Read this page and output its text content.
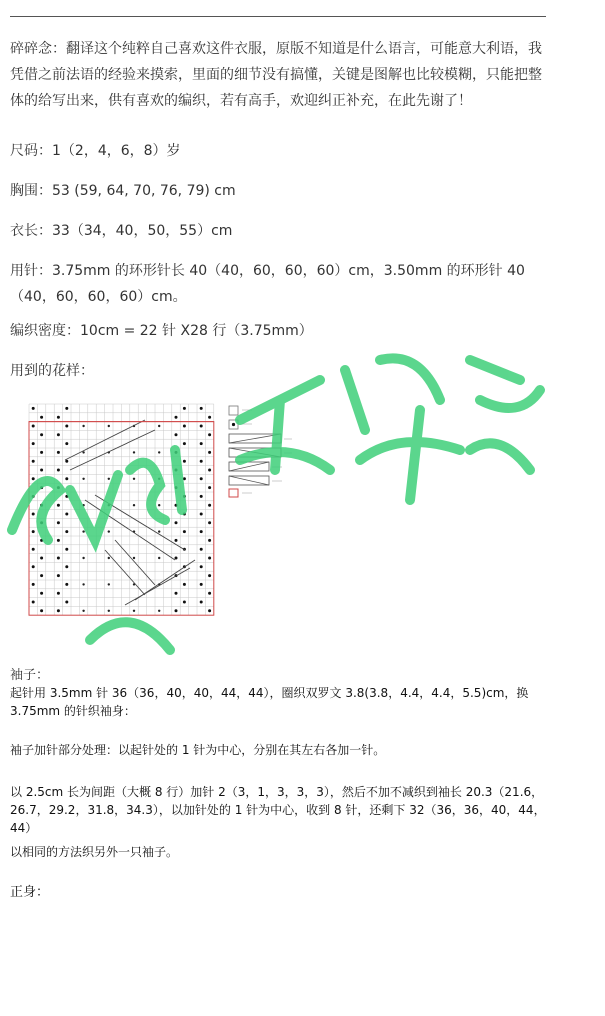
碎碎念：翻译这个纯粹自己喜欢这件衣服，原版不知道是什么语言，可能意大利语，我凭借之前法语的经验来摸索，里面的细节没有搞懂，关键是图解也比较模糊，只能把整体的给写出来，供有喜欢的编织，若有高手，欢迎纠正补充，在此先谢了！
尺码：1（2，4，6，8）岁
胸围：53 (59, 64, 70, 76, 79) cm
衣长：33（34，40，50，55）cm
用针：3.75mm 的环形针长 40（40，60，60，60）cm，3.50mm 的环形针 40（40，60，60，60）cm。
编织密度：10cm = 22 针 X28 行（3.75mm）
用到的花样：
袖子：
起针用 3.5mm 针 36（36，40，40，44，44），圈织双罗文 3.8(3.8，4.4，4.4，5.5)cm，换 3.75mm 的针织袖身：
袖子加针部分处理：以起针处的 1 针为中心，分别在其左右各加一针。
以 2.5cm 长为间距（大概 8 行）加针 2（3，1，3，3，3），然后不加不减织到袖长 20.3（21.6，26.7，29.2，31.8，34.3），以加针处的 1 针为中心，收到 8 针，还剩下 32（36，36，40，44，44）
以相同的方法织另外一只袖子。
正身：
